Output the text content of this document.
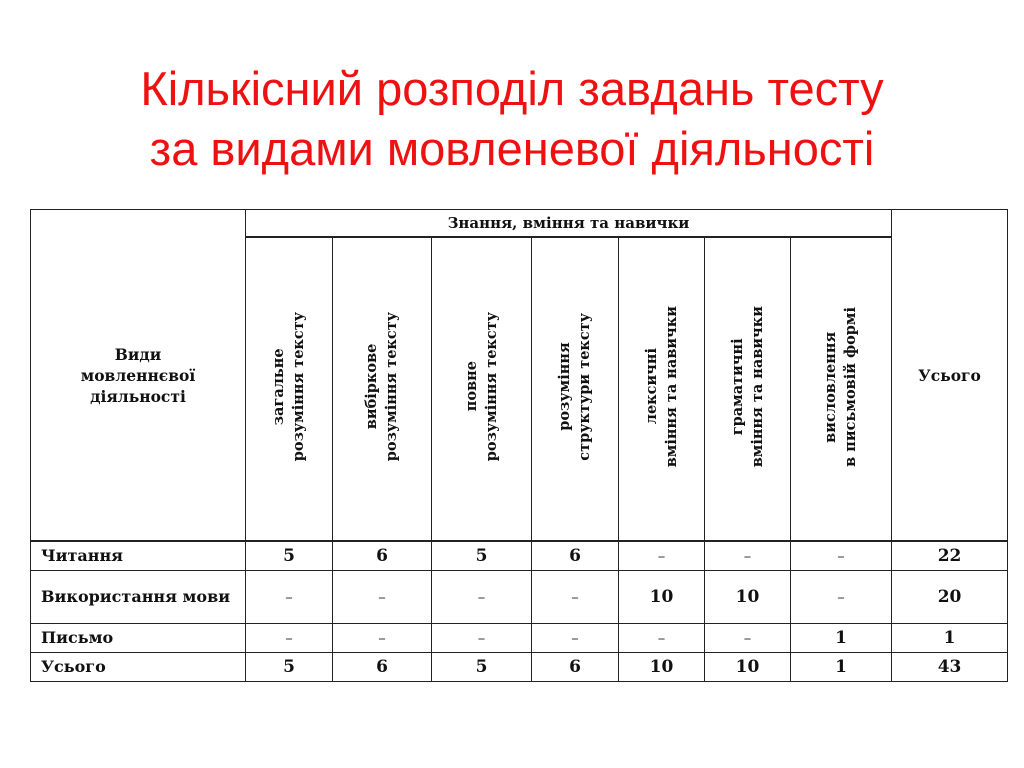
Кількісний розподіл завдань тесту
за видами мовленевої діяльності
Види
мовленнєвої
діяльності	Знання, вміння та навички							Усього

	загальне розуміння тексту	вибіркове розуміння тексту	повне розуміння тексту	розуміння структури тексту	лексичні вміння та навички	граматичні вміння та навички	висловлення в письмовій формі	

Читання	5	6	5	6	–	–	–	22
Використання мови	–	–	–	–	10	10	–	20
Письмо	–	–	–	–	–	–	1	1
Усього	5	6	5	6	10	10	1	43
